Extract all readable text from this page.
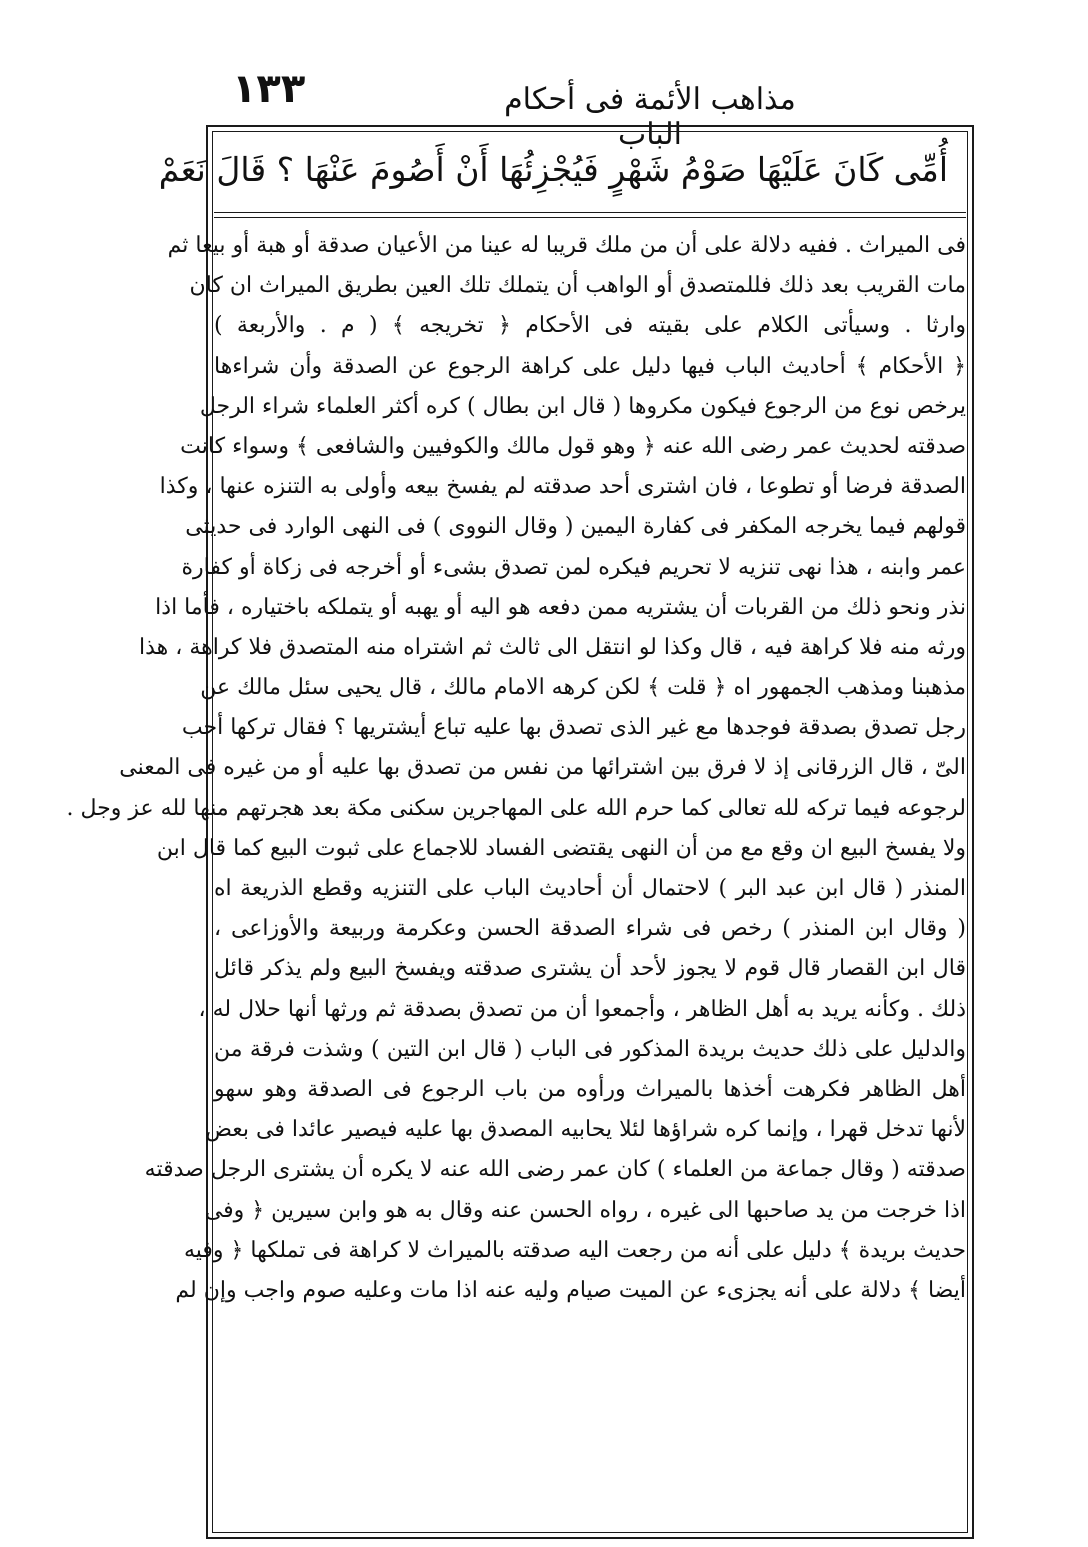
١٣٣	مذاهب الأئمة فى أحكام الباب
أُمِّى كَانَ عَلَيْهَا صَوْمُ شَهْرٍ فَيُجْزِئُهَا أَنْ أَصُومَ عَنْهَا ؟ قَالَ نَعَمْ
فى الميراث . ففيه دلالة على أن من ملك قريبا له عينا من الأعيان صدقة أو هبة أو بيعا ثم
مات القريب بعد ذلك فللمتصدق أو الواهب أن يتملك تلك العين بطريق الميراث ان كان
وارثا . وسيأتى الكلام على بقيته فى الأحكام ﴿ تخريجه ﴾ ( م . والأربعة )
﴿ الأحكام ﴾ أحاديث الباب فيها دليل على كراهة الرجوع عن الصدقة وأن شراءها
يرخص نوع من الرجوع فيكون مكروها ( قال ابن بطال ) كره أكثر العلماء شراء الرجل
صدقته لحديث عمر رضى الله عنه ﴿ وهو قول مالك والكوفيين والشافعى ﴾ وسواء كانت
الصدقة فرضا أو تطوعا ، فان اشترى أحد صدقته لم يفسخ بيعه وأولى به التنزه عنها ، وكذا
قولهم فيما يخرجه المكفر فى كفارة اليمين ( وقال النووى ) فى النهى الوارد فى حديثى
عمر وابنه ، هذا نهى تنزيه لا تحريم فيكره لمن تصدق بشىء أو أخرجه فى زكاة أو كفارة
نذر ونحو ذلك من القربات أن يشتريه ممن دفعه هو اليه أو يهبه أو يتملكه باختياره ، فأما اذا
ورثه منه فلا كراهة فيه ، قال وكذا لو انتقل الى ثالث ثم اشتراه منه المتصدق فلا كراهة ، هذا
مذهبنا ومذهب الجمهور اه ﴿ قلت ﴾ لكن كرهه الامام مالك ، قال يحيى سئل مالك عن
رجل تصدق بصدقة فوجدها مع غير الذى تصدق بها عليه تباع أيشتريها ؟ فقال تركها أحب
الىّ ، قال الزرقانى إذ لا فرق بين اشترائها من نفس من تصدق بها عليه أو من غيره فى المعنى
لرجوعه فيما تركه لله تعالى كما حرم الله على المهاجرين سكنى مكة بعد هجرتهم منها لله عز وجل .
ولا يفسخ البيع ان وقع مع من أن النهى يقتضى الفساد للاجماع على ثبوت البيع كما قال ابن
المنذر ( قال ابن عبد البر ) لاحتمال أن أحاديث الباب على التنزيه وقطع الذريعة اه
( وقال ابن المنذر ) رخص فى شراء الصدقة الحسن وعكرمة وربيعة والأوزاعى ،
قال ابن القصار قال قوم لا يجوز لأحد أن يشترى صدقته ويفسخ البيع ولم يذكر قائل
ذلك . وكأنه يريد به أهل الظاهر ، وأجمعوا أن من تصدق بصدقة ثم ورثها أنها حلال له ،
والدليل على ذلك حديث بريدة المذكور فى الباب ( قال ابن التين ) وشذت فرقة من
أهل الظاهر فكرهت أخذها بالميراث ورأوه من باب الرجوع فى الصدقة وهو سهو
لأنها تدخل قهرا ، وإنما كره شراؤها لئلا يحابيه المصدق بها عليه فيصير عائدا فى بعض
صدقته ( وقال جماعة من العلماء ) كان عمر رضى الله عنه لا يكره أن يشترى الرجل صدقته
اذا خرجت من يد صاحبها الى غيره ، رواه الحسن عنه وقال به هو وابن سيرين ﴿ وفى
حديث بريدة ﴾ دليل على أنه من رجعت اليه صدقته بالميراث لا كراهة فى تملكها ﴿ وفيه
أيضا ﴾ دلالة على أنه يجزىء عن الميت صيام وليه عنه اذا مات وعليه صوم واجب وإن لم
